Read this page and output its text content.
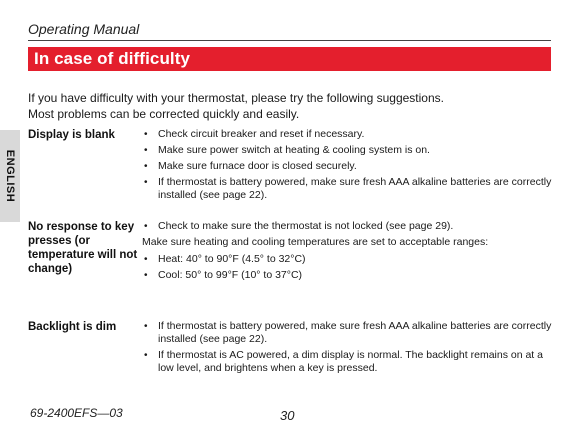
Operating Manual
In case of difficulty
If you have difficulty with your thermostat, please try the following suggestions.
Most problems can be corrected quickly and easily.
ENGLISH
Display is blank	• Check circuit breaker and reset if necessary.
• Make sure power switch at heating & cooling system is on.
• Make sure furnace door is closed securely.
• If thermostat is battery powered, make sure fresh AAA alkaline batteries are correctly installed (see page 22).
No response to key presses (or temperature will not change)
• Check to make sure the thermostat is not locked (see page 29).
Make sure heating and cooling temperatures are set to acceptable ranges:
• Heat: 40° to 90°F (4.5° to 32°C)
• Cool: 50° to 99°F (10° to 37°C)
Backlight is dim	• If thermostat is battery powered, make sure fresh AAA alkaline batteries are correctly installed (see page 22).
• If thermostat is AC powered, a dim display is normal. The backlight remains on at a low level, and brightens when a key is pressed.
69-2400EFS—03	30
